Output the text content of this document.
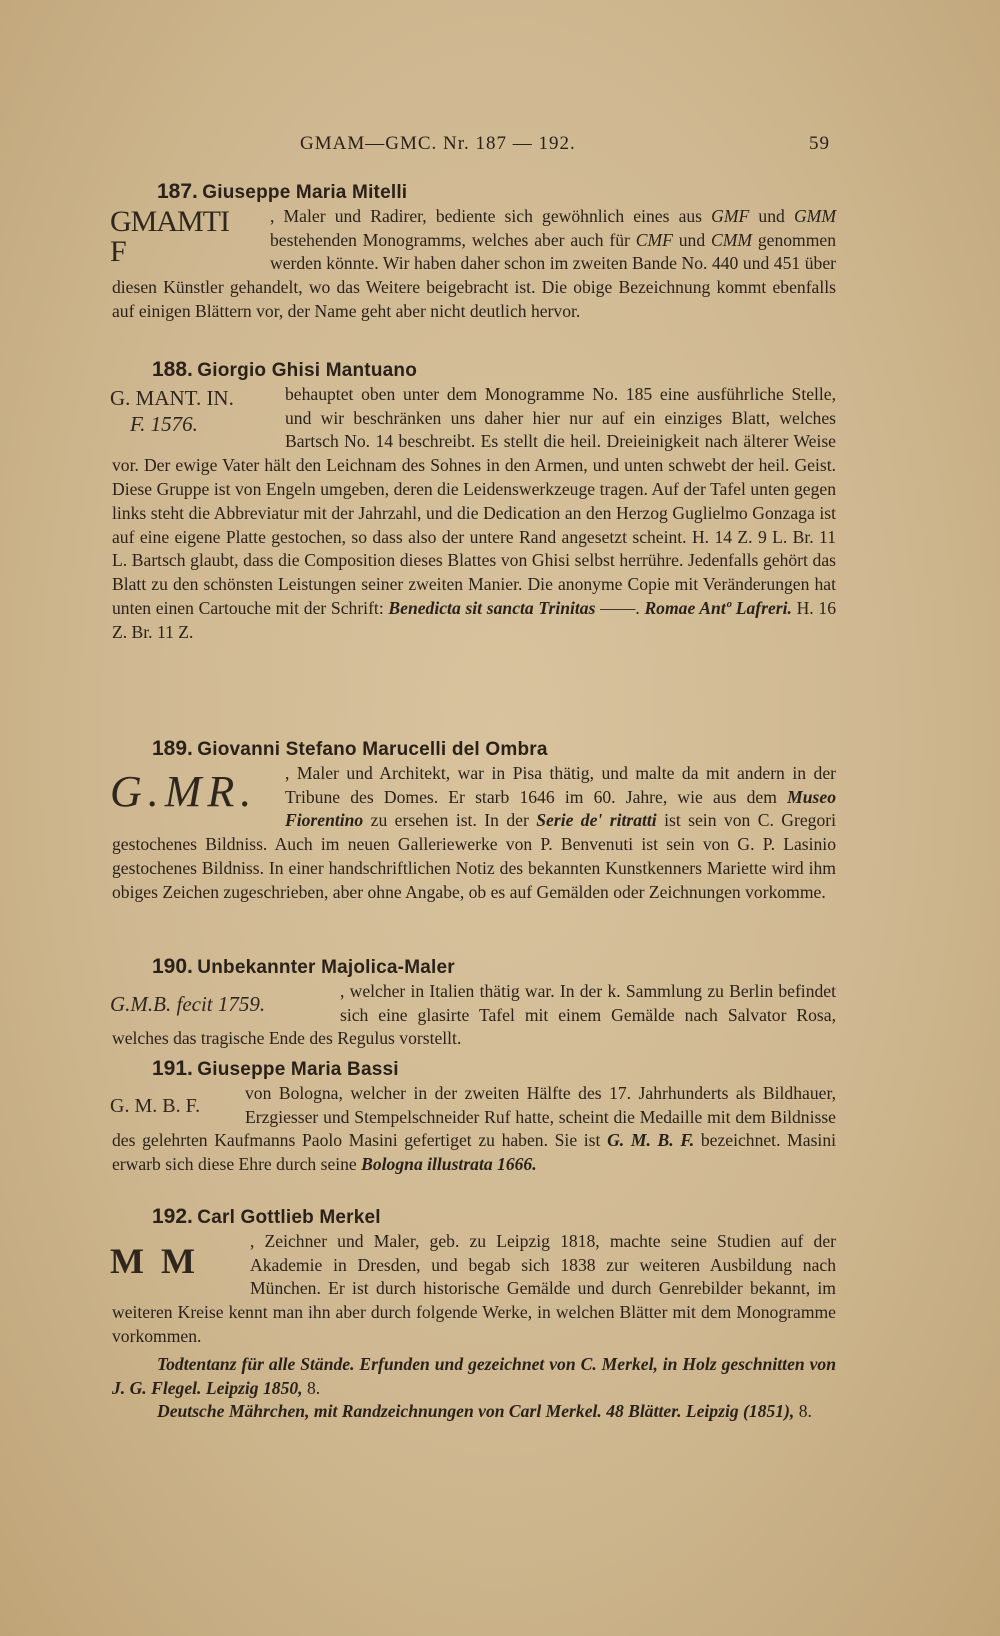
GMAM—GMC. Nr. 187 — 192.	59
187. Giuseppe Maria Mitelli
GMAMTI F
, Maler und Radirer, bediente sich gewöhnlich eines aus GMF und GMM bestehenden Monogramms, welches aber auch für CMF und CMM genommen werden könnte. Wir haben daher schon im zweiten Bande No. 440 und 451 über diesen Künstler gehandelt, wo das Weitere beigebracht ist. Die obige Bezeichnung kommt ebenfalls auf einigen Blättern vor, der Name geht aber nicht deutlich hervor.
188. Giorgio Ghisi Mantuano
G. MANT. IN.
F. 1576.
behauptet oben unter dem Monogramme No. 185 eine ausführliche Stelle, und wir beschränken uns daher hier nur auf ein einziges Blatt, welches Bartsch No. 14 beschreibt. Es stellt die heil. Dreieinigkeit nach älterer Weise vor. Der ewige Vater hält den Leichnam des Sohnes in den Armen, und unten schwebt der heil. Geist. Diese Gruppe ist von Engeln umgeben, deren die Leidenswerkzeuge tragen. Auf der Tafel unten gegen links steht die Abbreviatur mit der Jahrzahl, und die Dedication an den Herzog Guglielmo Gonzaga ist auf eine eigene Platte gestochen, so dass also der untere Rand angesetzt scheint. H. 14 Z. 9 L. Br. 11 L. Bartsch glaubt, dass die Composition dieses Blattes von Ghisi selbst herrühre. Jedenfalls gehört das Blatt zu den schönsten Leistungen seiner zweiten Manier. Die anonyme Copie mit Veränderungen hat unten einen Cartouche mit der Schrift: Benedicta sit sancta Trinitas ——. Romae Antº Lafreri. H. 16 Z. Br. 11 Z.
189. Giovanni Stefano Marucelli del Ombra
G.MR.	, Maler und Architekt, war in Pisa thätig, und malte da mit andern in der Tribune des Domes. Er starb 1646 im 60. Jahre, wie aus dem Museo Fiorentino zu ersehen ist. In der Serie de' ritratti ist sein von C. Gregori gestochenes Bildniss. Auch im neuen Galleriewerke von P. Benvenuti ist sein von G. P. Lasinio gestochenes Bildniss. In einer handschriftlichen Notiz des bekannten Kunstkenners Mariette wird ihm obiges Zeichen zugeschrieben, aber ohne Angabe, ob es auf Gemälden oder Zeichnungen vorkomme.
190. Unbekannter Majolica-Maler
G.M.B. fecit 1759.
, welcher in Italien thätig war. In der k. Sammlung zu Berlin befindet sich eine glasirte Tafel mit einem Gemälde nach Salvator Rosa, welches das tragische Ende des Regulus vorstellt.
191. Giuseppe Maria Bassi
G. M. B. F.
von Bologna, welcher in der zweiten Hälfte des 17. Jahrhunderts als Bildhauer, Erzgiesser und Stempelschneider Ruf hatte, scheint die Medaille mit dem Bildnisse des gelehrten Kaufmanns Paolo Masini gefertiget zu haben. Sie ist G. M. B. F. bezeichnet. Masini erwarb sich diese Ehre durch seine Bologna illustrata 1666.
192. Carl Gottlieb Merkel
M M	, Zeichner und Maler, geb. zu Leipzig 1818, machte seine Studien auf der Akademie in Dresden, und begab sich 1838 zur weiteren Ausbildung nach München. Er ist durch historische Gemälde und durch Genrebilder bekannt, im weiteren Kreise kennt man ihn aber durch folgende Werke, in welchen Blätter mit dem Monogramme vorkommen.
Todtentanz für alle Stände. Erfunden und gezeichnet von C. Merkel, in Holz geschnitten von J. G. Flegel. Leipzig 1850, 8.
Deutsche Mährchen, mit Randzeichnungen von Carl Merkel. 48 Blätter. Leipzig (1851), 8.
